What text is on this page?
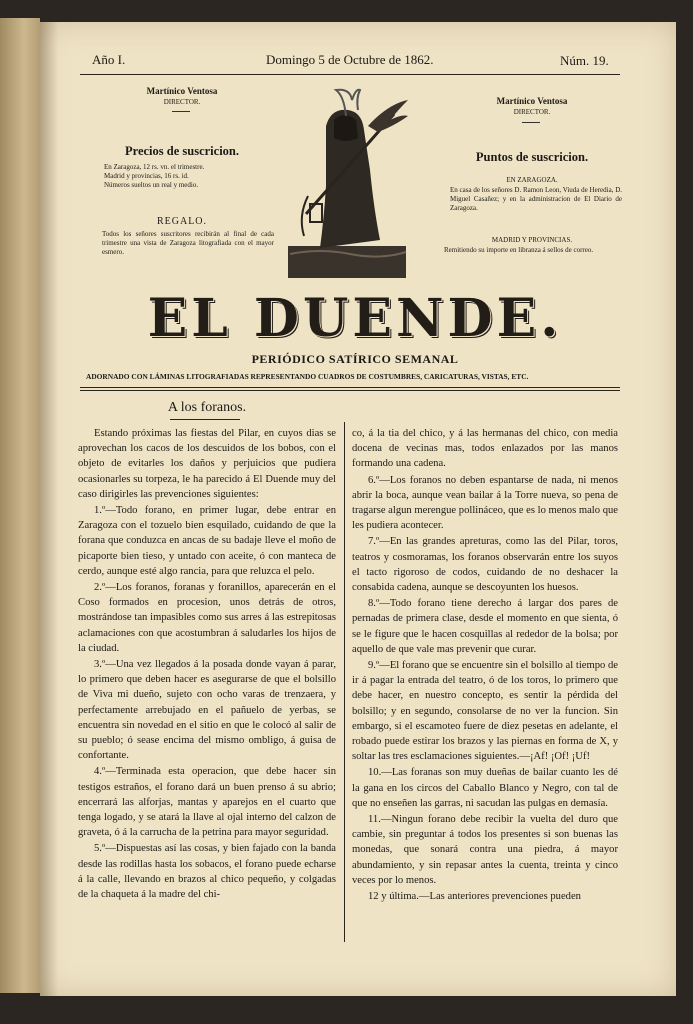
Año I.	Domingo 5 de Octubre de 1862.	Núm. 19.
Martínico Ventosa
DIRECTOR.
Precios de suscricion.
En Zaragoza, 12 rs. vn. el trimestre.
Madrid y provincias, 16 rs. id.
Números sueltos un real y medio.
REGALO.
Todos los señores suscritores recibirán al final de cada trimestre una vista de Zaragoza litografiada con el mayor esmero.
Martínico Ventosa
DIRECTOR.
Puntos de suscricion.
EN ZARAGOZA.
En casa de los señores D. Ramon Leon, Viuda de Heredia, D. Miguel Casañez; y en la administracion de El Diario de Zaragoza.
MADRID Y PROVINCIAS.
Remitiendo su importe en libranza á sellos de correo.
EL DUENDE.
PERIÓDICO SATÍRICO SEMANAL
ADORNADO CON LÁMINAS LITOGRAFIADAS REPRESENTANDO CUADROS DE COSTUMBRES, CARICATURAS, VISTAS, ETC.
A los foranos.

Estando próximas las fiestas del Pilar, en cuyos dias se aprovechan los cacos de los descuidos de los bobos, con el objeto de evitarles los daños y perjuicios que pudiera ocasionarles su torpeza, le ha parecido á El Duende muy del caso dirigirles las prevenciones siguientes:

1.º—Todo forano, en primer lugar, debe entrar en Zaragoza con el tozuelo bien esquilado, cuidando de que la forana que conduzca en ancas de su badaje lleve el moño de picaporte bien tieso, y untado con aceite, ó con manteca de cerdo, aunque esté algo rancia, para que reluzca el pelo.

2.º—Los foranos, foranas y foranillos, aparecerán en el Coso formados en procesion, unos detrás de otros, mostrándose tan impasibles como sus arres á las estrepitosas aclamaciones con que acostumbran á saludarles los hijos de la ciudad.

3.º—Una vez llegados á la posada donde vayan á parar, lo primero que deben hacer es asegurarse de que el bolsillo de Viva mi dueño, sujeto con ocho varas de trenzaera, y perfectamente arrebujado en el pañuelo de yerbas, se encuentra sin novedad en el sitio en que le colocó al salir de su pueblo; ó sease encima del mismo ombligo, á guisa de confortante.

4.º—Terminada esta operacion, que debe hacer sin testigos estraños, el forano dará un buen prenso á su abrio; encerrará las alforjas, mantas y aparejos en el cuarto que tenga logado, y se atará la llave al ojal interno del calzon de graveta, ó á la carrucha de la petrina para mayor seguridad.

5.º—Dispuestas así las cosas, y bien fajado con la banda desde las rodillas hasta los sobacos, el forano puede echarse á la calle, llevando en brazos al chico pequeño, y colgadas de la chaqueta á la madre del chi-

co, á la tia del chico, y á las hermanas del chico, con media docena de vecinas mas, todos enlazados por las manos formando una cadena.

6.º—Los foranos no deben espantarse de nada, ni menos abrir la boca, aunque vean bailar á la Torre nueva, so pena de tragarse algun merengue pollináceo, que es lo menos malo que les pudiera acontecer.

7.º—En las grandes apreturas, como las del Pilar, toros, teatros y cosmoramas, los foranos observarán entre los suyos el tacto rigoroso de codos, cuidando de no deshacer la consabida cadena, aunque se descoyunten los huesos.

8.º—Todo forano tiene derecho á largar dos pares de pernadas de primera clase, desde el momento en que sienta, ó se le figure que le hacen cosquillas al rededor de la bolsa; por aquello de que vale mas prevenir que curar.

9.º—El forano que se encuentre sin el bolsillo al tiempo de ir á pagar la entrada del teatro, ó de los toros, lo primero que debe hacer, en nuestro concepto, es sentir la pérdida del bolsillo; y en segundo, consolarse de no ver la funcion. Sin embargo, si el escamoteo fuere de diez pesetas en adelante, el robado puede estirar los brazos y las piernas en forma de X, y soltar las tres esclamaciones siguientes.—¡Af! ¡Of! ¡Uf!

10.—Las foranas son muy dueñas de bailar cuanto les dé la gana en los circos del Caballo Blanco y Negro, con tal de que no enseñen las garras, ni sacudan las pulgas en demasía.

11.—Ningun forano debe recibir la vuelta del duro que cambie, sin preguntar á todos los presentes si son buenas las monedas, que sonará contra una piedra, á mayor abundamiento, y sin repasar antes la cuenta, treinta y cinco veces por lo menos.

12 y última.—Las anteriores prevenciones pueden
